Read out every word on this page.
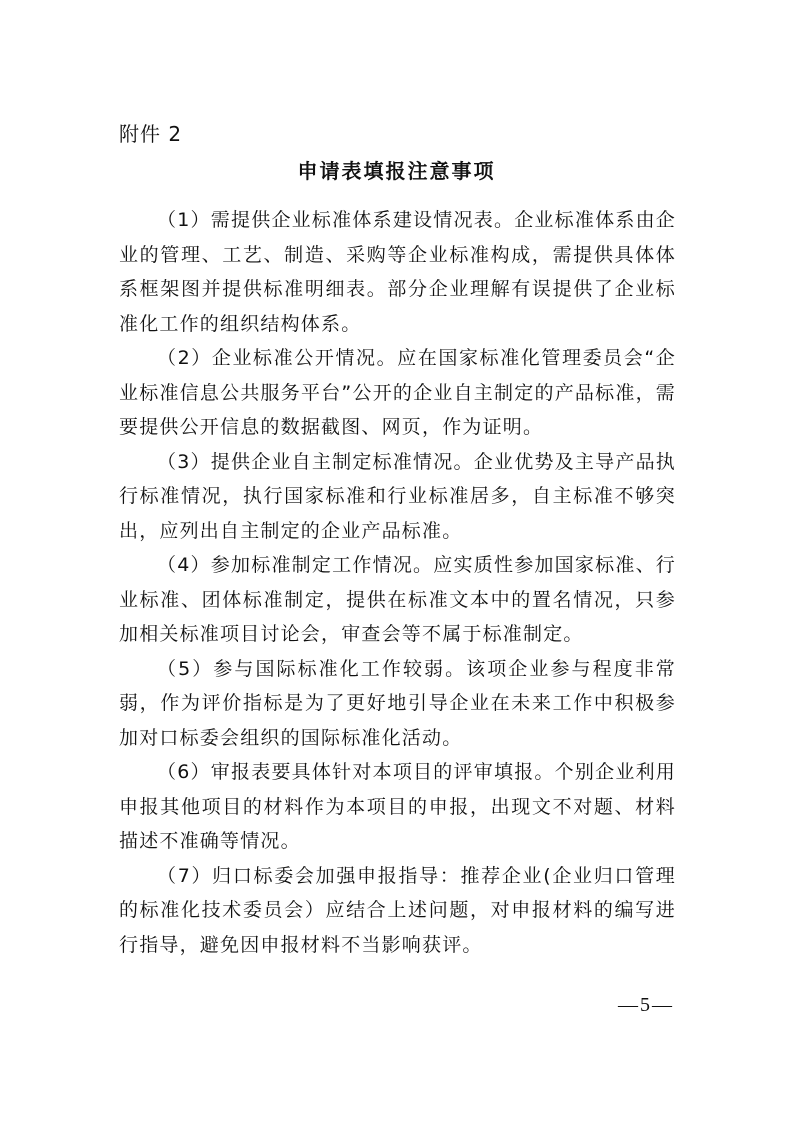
附件 2
申请表填报注意事项

（1）需提供企业标准体系建设情况表。企业标准体系由企业的管理、工艺、制造、采购等企业标准构成，需提供具体体系框架图并提供标准明细表。部分企业理解有误提供了企业标准化工作的组织结构体系。

（2）企业标准公开情况。应在国家标准化管理委员会“企业标准信息公共服务平台”公开的企业自主制定的产品标准，需要提供公开信息的数据截图、网页，作为证明。

（3）提供企业自主制定标准情况。企业优势及主导产品执行标准情况，执行国家标准和行业标准居多，自主标准不够突出，应列出自主制定的企业产品标准。

（4）参加标准制定工作情况。应实质性参加国家标准、行业标准、团体标准制定，提供在标准文本中的置名情况，只参加相关标准项目讨论会，审查会等不属于标准制定。

（5）参与国际标准化工作较弱。该项企业参与程度非常弱，作为评价指标是为了更好地引导企业在未来工作中积极参加对口标委会组织的国际标准化活动。

（6）审报表要具体针对本项目的评审填报。个别企业利用申报其他项目的材料作为本项目的申报，出现文不对题、材料描述不准确等情况。

（7）归口标委会加强申报指导：推荐企业(企业归口管理的标准化技术委员会）应结合上述问题，对申报材料的编写进行指导，避免因申报材料不当影响获评。

—5—
